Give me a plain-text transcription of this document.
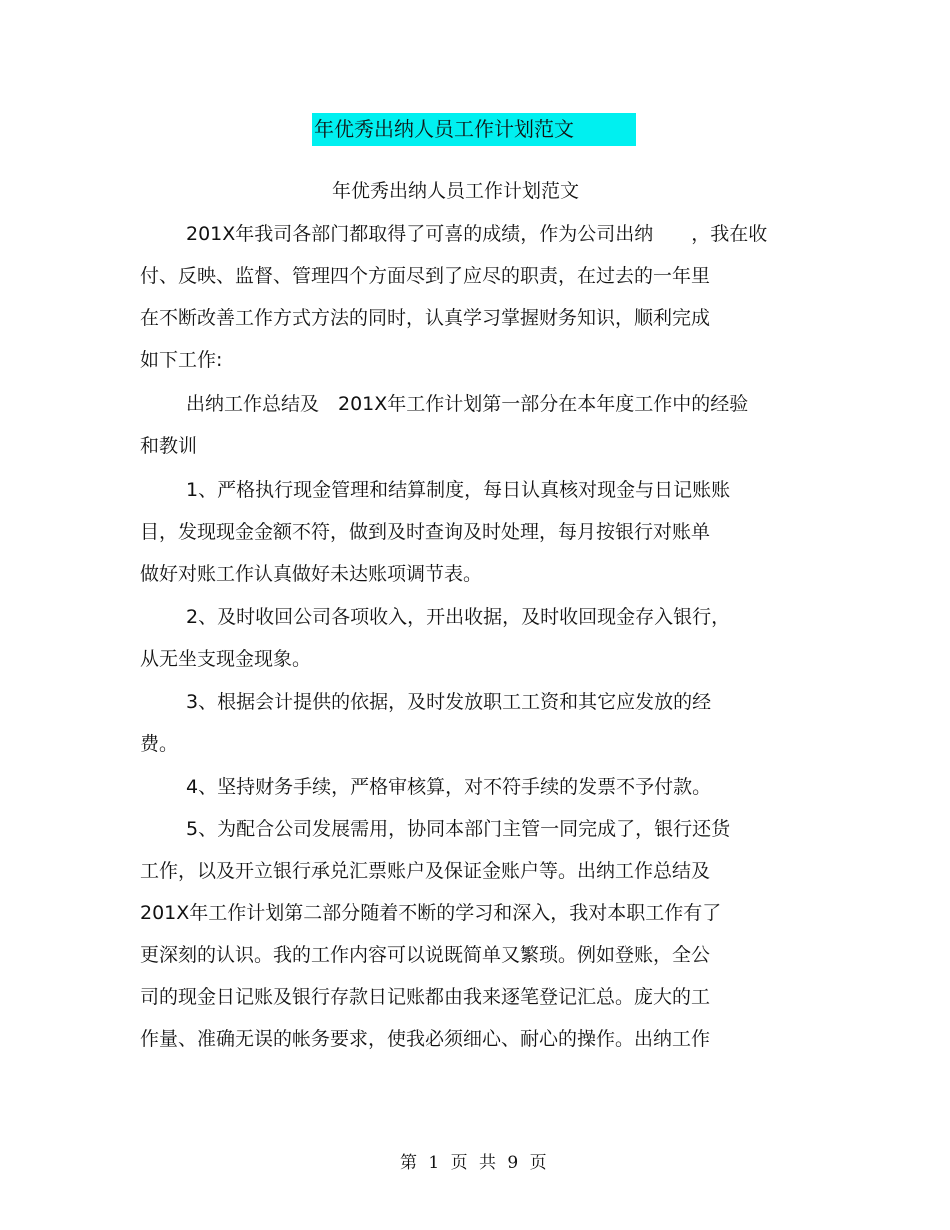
年优秀出纳人员工作计划范文
年优秀出纳人员工作计划范文
201X年我司各部门都取得了可喜的成绩，作为公司出纳　　，我在收
付、反映、监督、管理四个方面尽到了应尽的职责，在过去的一年里
在不断改善工作方式方法的同时，认真学习掌握财务知识，顺利完成
如下工作:
出纳工作总结及　201X年工作计划第一部分在本年度工作中的经验
和教训
1、严格执行现金管理和结算制度，每日认真核对现金与日记账账
目，发现现金金额不符，做到及时查询及时处理，每月按银行对账单
做好对账工作认真做好未达账项调节表。
2、及时收回公司各项收入，开出收据，及时收回现金存入银行，
从无坐支现金现象。
3、根据会计提供的依据，及时发放职工工资和其它应发放的经
费。
4、坚持财务手续，严格审核算，对不符手续的发票不予付款。
5、为配合公司发展需用，协同本部门主管一同完成了，银行还货
工作，以及开立银行承兑汇票账户及保证金账户等。出纳工作总结及
201X年工作计划第二部分随着不断的学习和深入，我对本职工作有了
更深刻的认识。我的工作内容可以说既简单又繁琐。例如登账，全公
司的现金日记账及银行存款日记账都由我来逐笔登记汇总。庞大的工
作量、准确无误的帐务要求，使我必须细心、耐心的操作。出纳工作
第 1 页 共 9 页
